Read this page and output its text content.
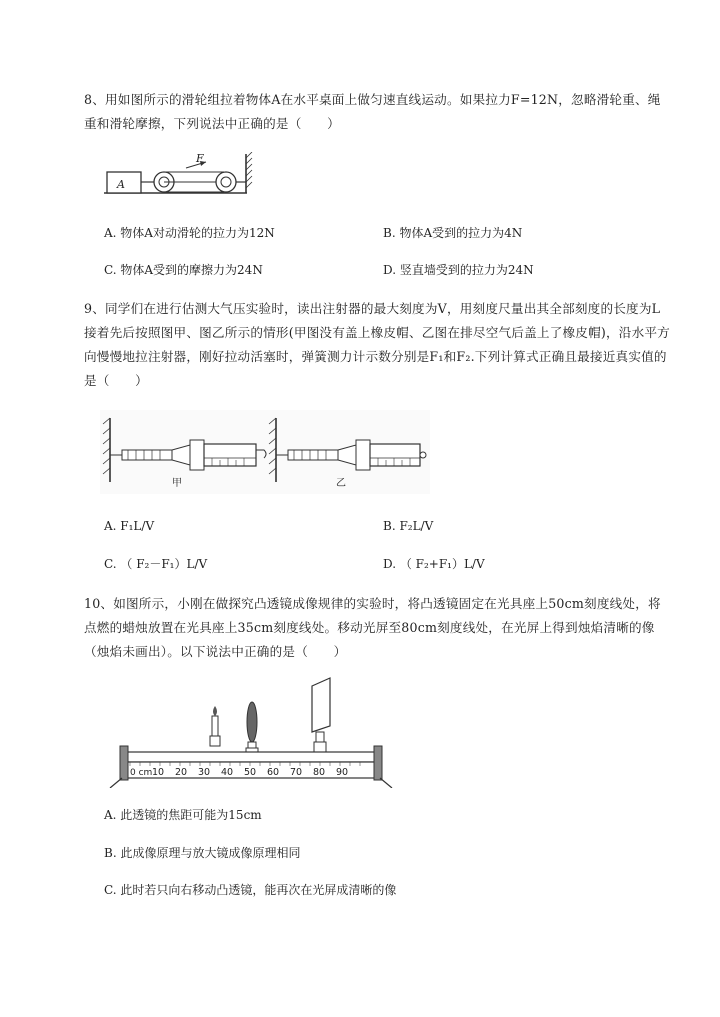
8、用如图所示的滑轮组拉着物体A在水平桌面上做匀速直线运动。如果拉力F=12N，忽略滑轮重、绳重和滑轮摩擦，下列说法中正确的是（　　）
A
F
A. 物体A对动滑轮的拉力为12N	B. 物体A受到的拉力为4N
C. 物体A受到的摩擦力为24N	D. 竖直墙受到的拉力为24N
9、同学们在进行估测大气压实验时，读出注射器的最大刻度为V，用刻度尺量出其全部刻度的长度为L接着先后按照图甲、图乙所示的情形(甲图没有盖上橡皮帽、乙图在排尽空气后盖上了橡皮帽)，沿水平方向慢慢地拉注射器，刚好拉动活塞时，弹簧测力计示数分别是F₁和F₂.下列计算式正确且最接近真实值的是（　　）
甲	乙
A. F₁L/V	B. F₂L/V
C. （ F₂－F₁）L/V	D. （ F₂+F₁）L/V
10、如图所示，小刚在做探究凸透镜成像规律的实验时，将凸透镜固定在光具座上50cm刻度线处，将点燃的蜡烛放置在光具座上35cm刻度线处。移动光屏至80cm刻度线处，在光屏上得到烛焰清晰的像（烛焰未画出）。以下说法中正确的是（　　）
0 cm 10 20 30 40 50 60 70 80 90
A. 此透镜的焦距可能为15cm
B. 此成像原理与放大镜成像原理相同
C. 此时若只向右移动凸透镜，能再次在光屏成清晰的像
